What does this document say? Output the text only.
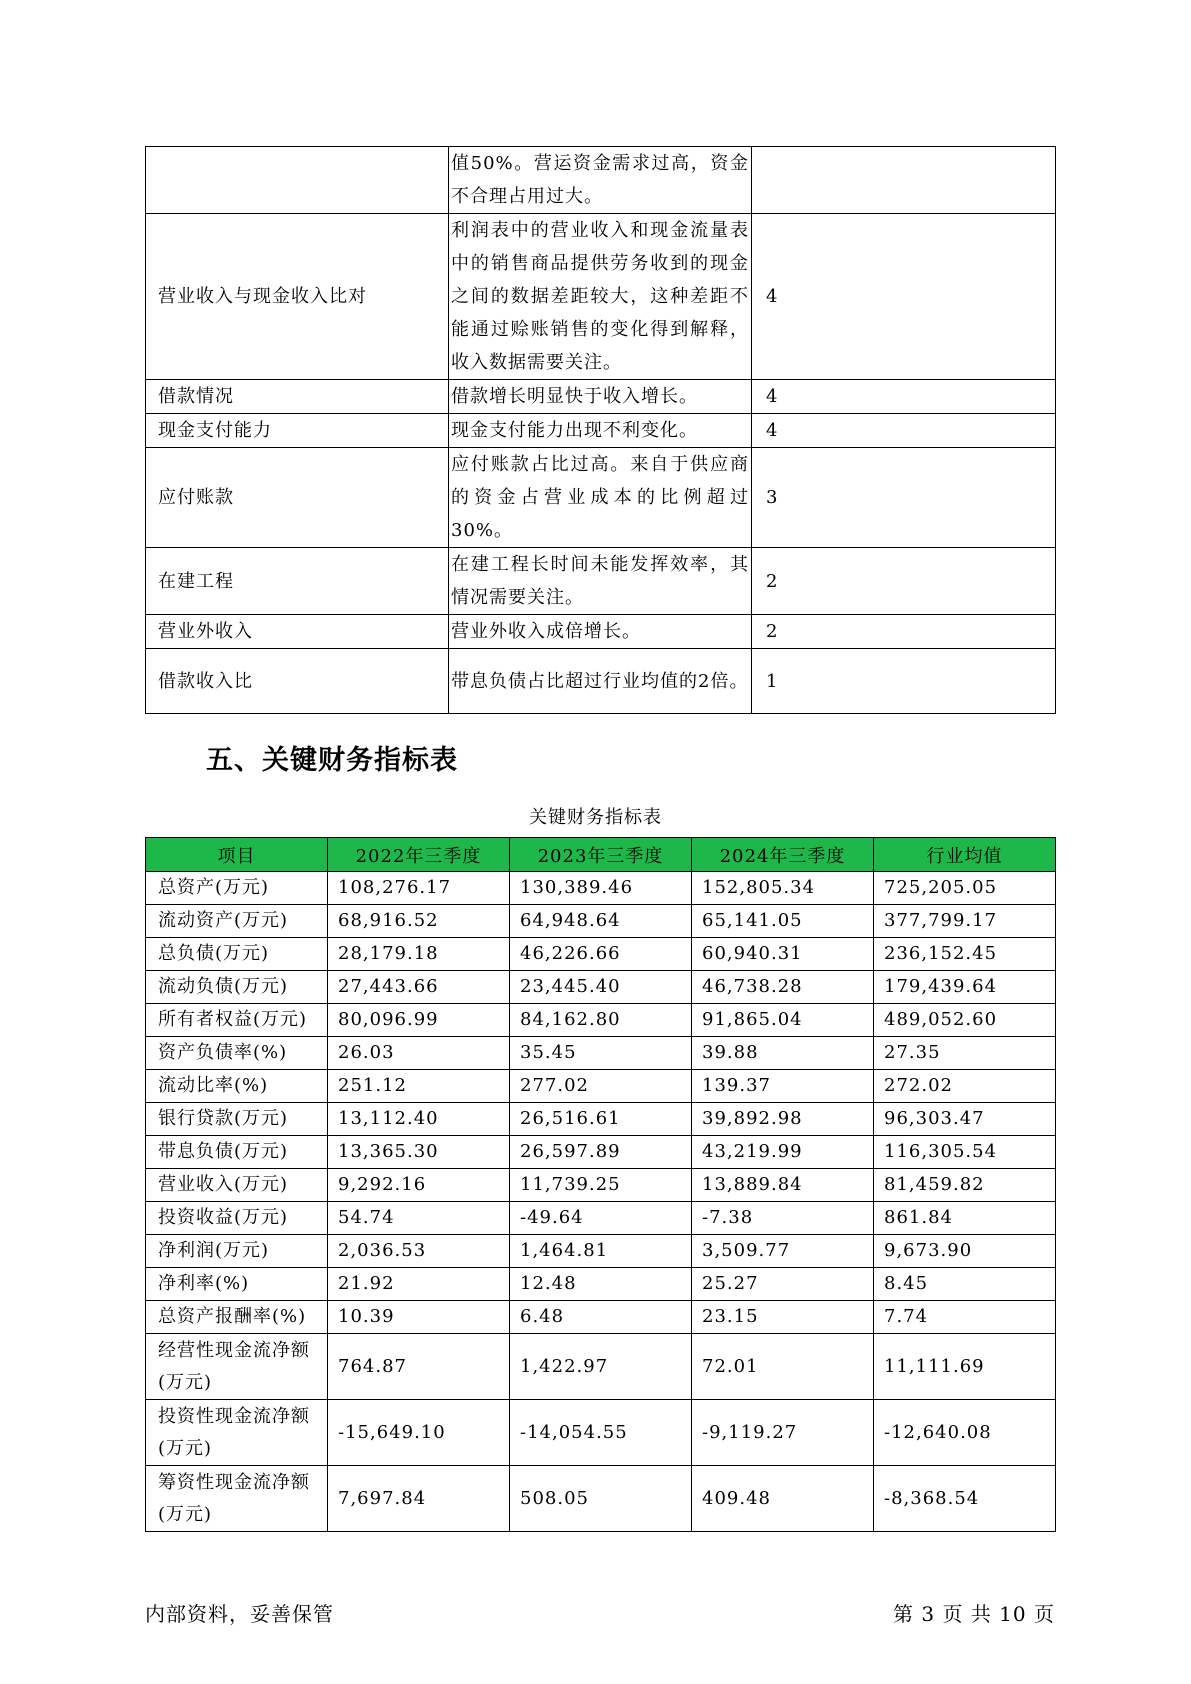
	值50%。营运资金需求过高，资金不合理占用过大。	
营业收入与现金收入比对	利润表中的营业收入和现金流量表中的销售商品提供劳务收到的现金之间的数据差距较大，这种差距不能通过赊账销售的变化得到解释，收入数据需要关注。	4
借款情况	借款增长明显快于收入增长。	4
现金支付能力	现金支付能力出现不利变化。	4
应付账款	应付账款占比过高。来自于供应商的资金占营业成本的比例超过30%。	3
在建工程	在建工程长时间未能发挥效率，其情况需要关注。	2
营业外收入	营业外收入成倍增长。	2
借款收入比	带息负债占比超过行业均值的2倍。	1
五、关键财务指标表
关键财务指标表
项目	2022年三季度	2023年三季度	2024年三季度	行业均值
总资产(万元)	108,276.17	130,389.46	152,805.34	725,205.05
流动资产(万元)	68,916.52	64,948.64	65,141.05	377,799.17
总负债(万元)	28,179.18	46,226.66	60,940.31	236,152.45
流动负债(万元)	27,443.66	23,445.40	46,738.28	179,439.64
所有者权益(万元)	80,096.99	84,162.80	91,865.04	489,052.60
资产负债率(%)	26.03	35.45	39.88	27.35
流动比率(%)	251.12	277.02	139.37	272.02
银行贷款(万元)	13,112.40	26,516.61	39,892.98	96,303.47
带息负债(万元)	13,365.30	26,597.89	43,219.99	116,305.54
营业收入(万元)	9,292.16	11,739.25	13,889.84	81,459.82
投资收益(万元)	54.74	-49.64	-7.38	861.84
净利润(万元)	2,036.53	1,464.81	3,509.77	9,673.90
净利率(%)	21.92	12.48	25.27	8.45
总资产报酬率(%)	10.39	6.48	23.15	7.74
经营性现金流净额(万元)	764.87	1,422.97	72.01	11,111.69
投资性现金流净额(万元)	-15,649.10	-14,054.55	-9,119.27	-12,640.08
筹资性现金流净额(万元)	7,697.84	508.05	409.48	-8,368.54
内部资料，妥善保管	第 3 页 共 10 页
